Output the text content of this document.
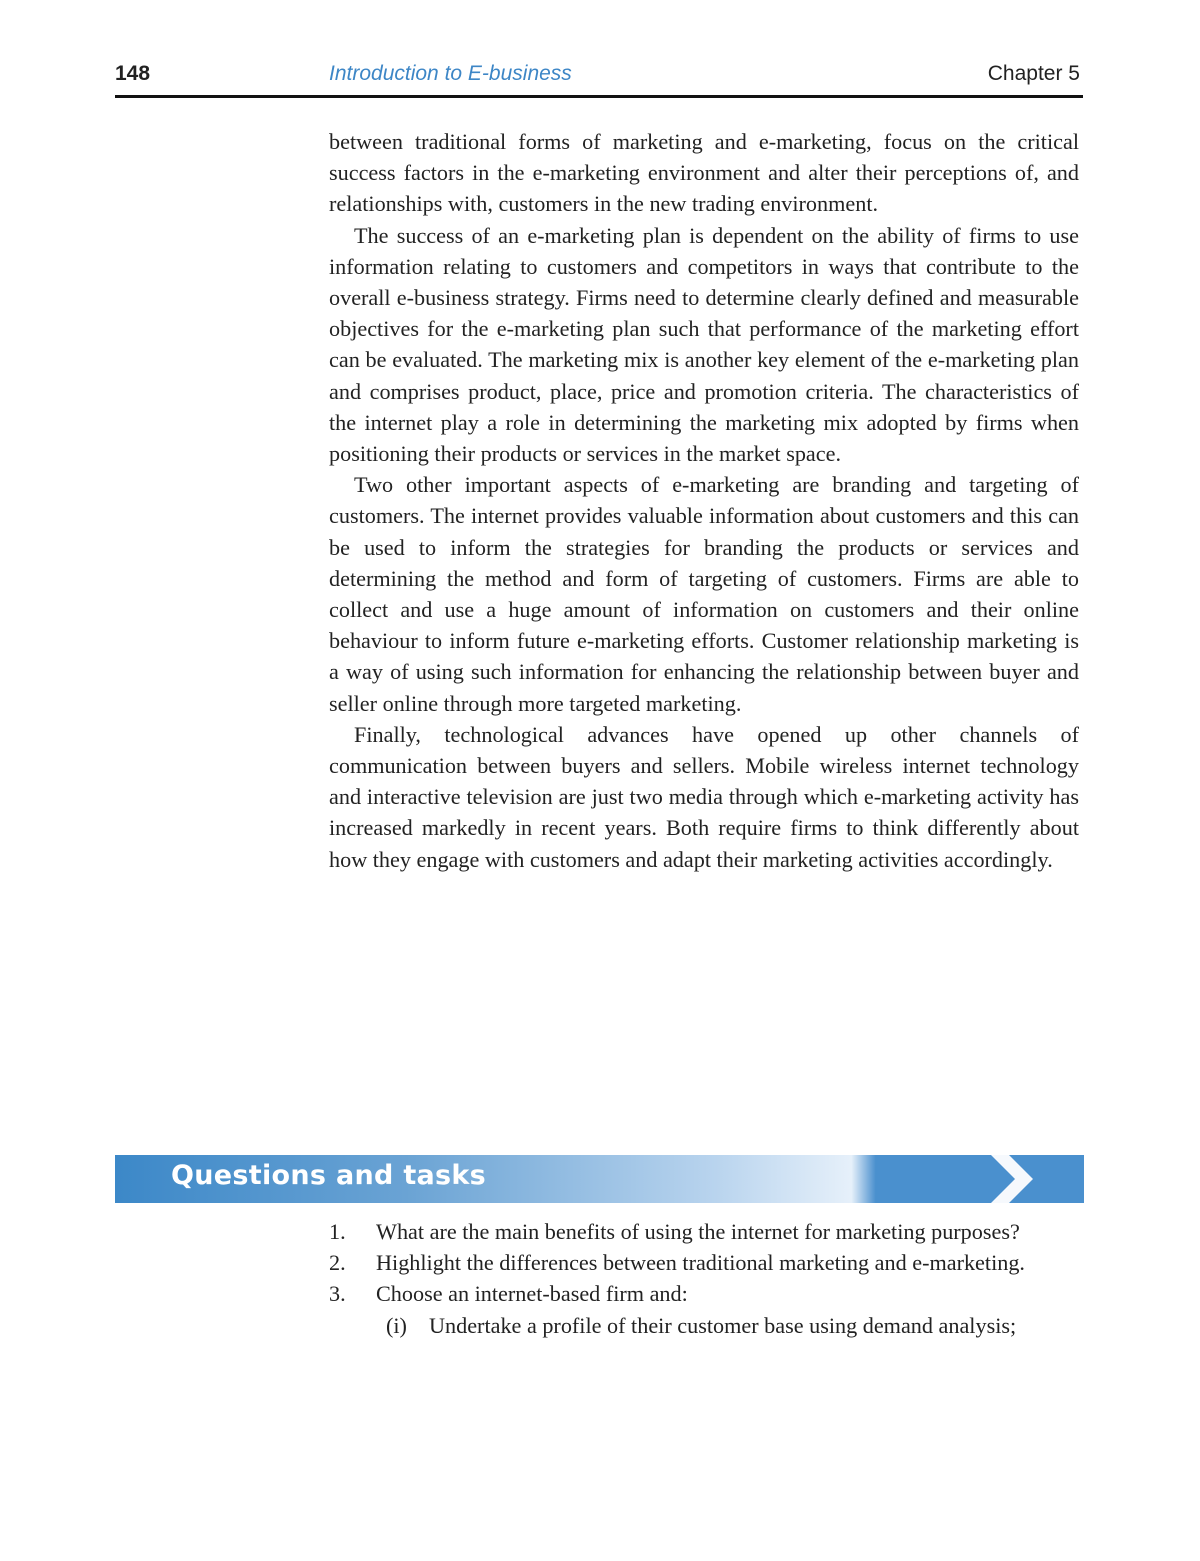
148	Introduction to E-business	Chapter 5

between traditional forms of marketing and e-marketing, focus on the critical success factors in the e-marketing environment and alter their perceptions of, and relationships with, customers in the new trading environment.

The success of an e-marketing plan is dependent on the ability of firms to use information relating to customers and competitors in ways that contribute to the overall e-business strategy. Firms need to determine clearly defined and measurable objectives for the e-marketing plan such that performance of the marketing effort can be evaluated. The marketing mix is another key element of the e-marketing plan and comprises product, place, price and promotion criteria. The characteristics of the internet play a role in determining the marketing mix adopted by firms when positioning their products or services in the market space.

Two other important aspects of e-marketing are branding and targeting of customers. The internet provides valuable information about customers and this can be used to inform the strategies for branding the products or services and determining the method and form of targeting of customers. Firms are able to collect and use a huge amount of information on customers and their online behaviour to inform future e-marketing efforts. Customer relationship marketing is a way of using such information for enhancing the relationship between buyer and seller online through more targeted marketing.

Finally, technological advances have opened up other channels of communication between buyers and sellers. Mobile wireless internet technology and interactive television are just two media through which e-marketing activity has increased markedly in recent years. Both require firms to think differently about how they engage with customers and adapt their marketing activities accordingly.

Questions and tasks
1. What are the main benefits of using the internet for marketing purposes?
2. Highlight the differences between traditional marketing and e-marketing.
3. Choose an internet-based firm and:
(i) Undertake a profile of their customer base using demand analysis;
